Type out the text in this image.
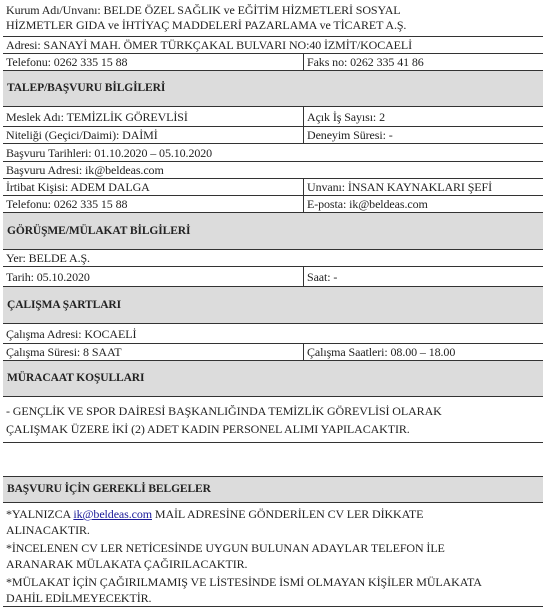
Kurum Adı/Unvanı: BELDE ÖZEL SAĞLIK ve EĞİTİM HİZMETLERİ SOSYAL
HİZMETLER GIDA ve İHTİYAÇ MADDELERİ PAZARLAMA ve TİCARET A.Ş.
Adresi: SANAYİ MAH. ÖMER TÜRKÇAKAL BULVARI NO:40 İZMİT/KOCAELİ
Telefonu: 0262 335 15 88	Faks no: 0262 335 41 86
TALEP/BAŞVURU BİLGİLERİ
Meslek Adı: TEMİZLİK GÖREVLİSİ	Açık İş Sayısı: 2
Niteliği (Geçici/Daimi): DAİMİ	Deneyim Süresi: -
Başvuru Tarihleri: 01.10.2020 – 05.10.2020
Başvuru Adresi: ik@beldeas.com
İrtibat Kişisi: ADEM DALGA	Unvanı: İNSAN KAYNAKLARI ŞEFİ
Telefonu: 0262 335 15 88	E-posta: ik@beldeas.com
GÖRÜŞME/MÜLAKAT BİLGİLERİ
Yer: BELDE A.Ş.
Tarih: 05.10.2020	Saat: -
ÇALIŞMA ŞARTLARI
Çalışma Adresi: KOCAELİ
Çalışma Süresi: 8 SAAT	Çalışma Saatleri: 08.00 – 18.00
MÜRACAAT KOŞULLARI
- GENÇLİK VE SPOR DAİRESİ BAŞKANLIĞINDA TEMİZLİK GÖREVLİSİ OLARAK
ÇALIŞMAK ÜZERE İKİ (2) ADET KADIN PERSONEL ALIMI YAPILACAKTIR.
BAŞVURU İÇİN GEREKLİ BELGELER
*YALNIZCA ik@beldeas.com MAİL ADRESİNE GÖNDERİLEN CV LER DİKKATE
ALINACAKTIR.
*İNCELENEN CV LER NETİCESİNDE UYGUN BULUNAN ADAYLAR TELEFON İLE
ARANARAK MÜLAKATA ÇAĞIRILACAKTIR.
*MÜLAKAT İÇİN ÇAĞIRILMAMIŞ VE LİSTESİNDE İSMİ OLMAYAN KİŞİLER MÜLAKATA
DAHİL EDİLMEYECEKTİR.
